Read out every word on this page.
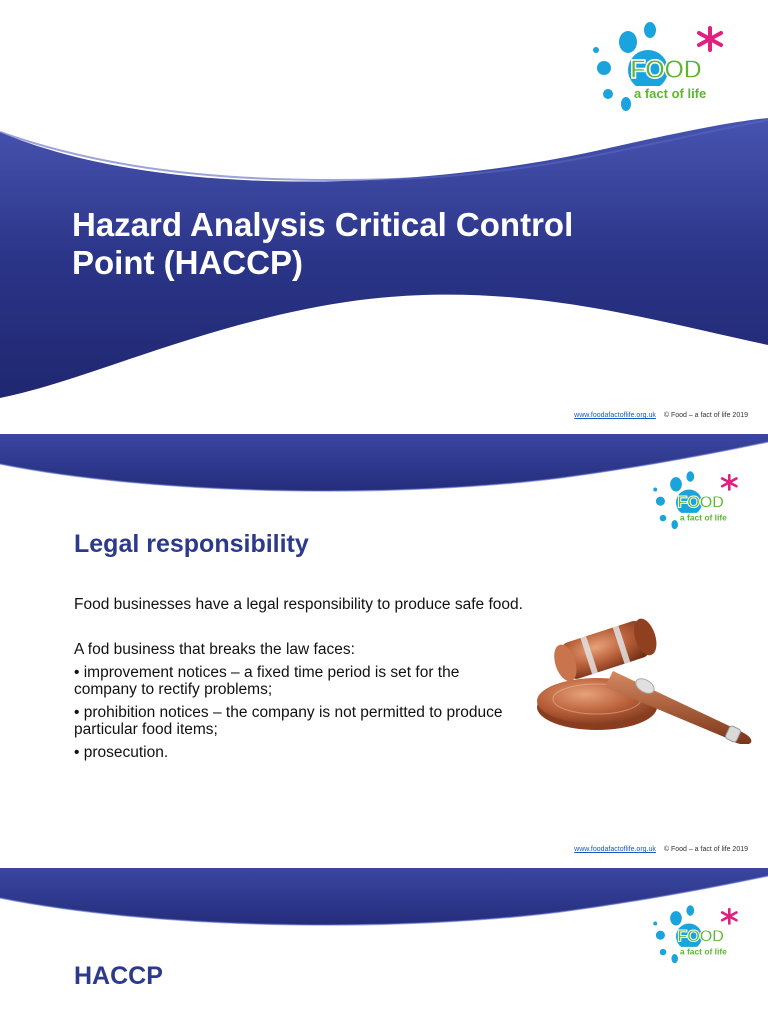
FOOD
a fact of life
Hazard Analysis Critical Control
Point (HACCP)
www.foodafactoflife.org.uk © Food – a fact of life 2019
FOOD
a fact of life
Legal responsibility

Food businesses have a legal responsibility to produce safe food.

A fod business that breaks the law faces:

• improvement notices – a fixed time period is set for the company to rectify problems;

• prohibition notices – the company is not permitted to produce particular food items;

• prosecution.

www.foodafactoflife.org.uk © Food – a fact of life 2019
FOOD
a fact of life
HACCP
